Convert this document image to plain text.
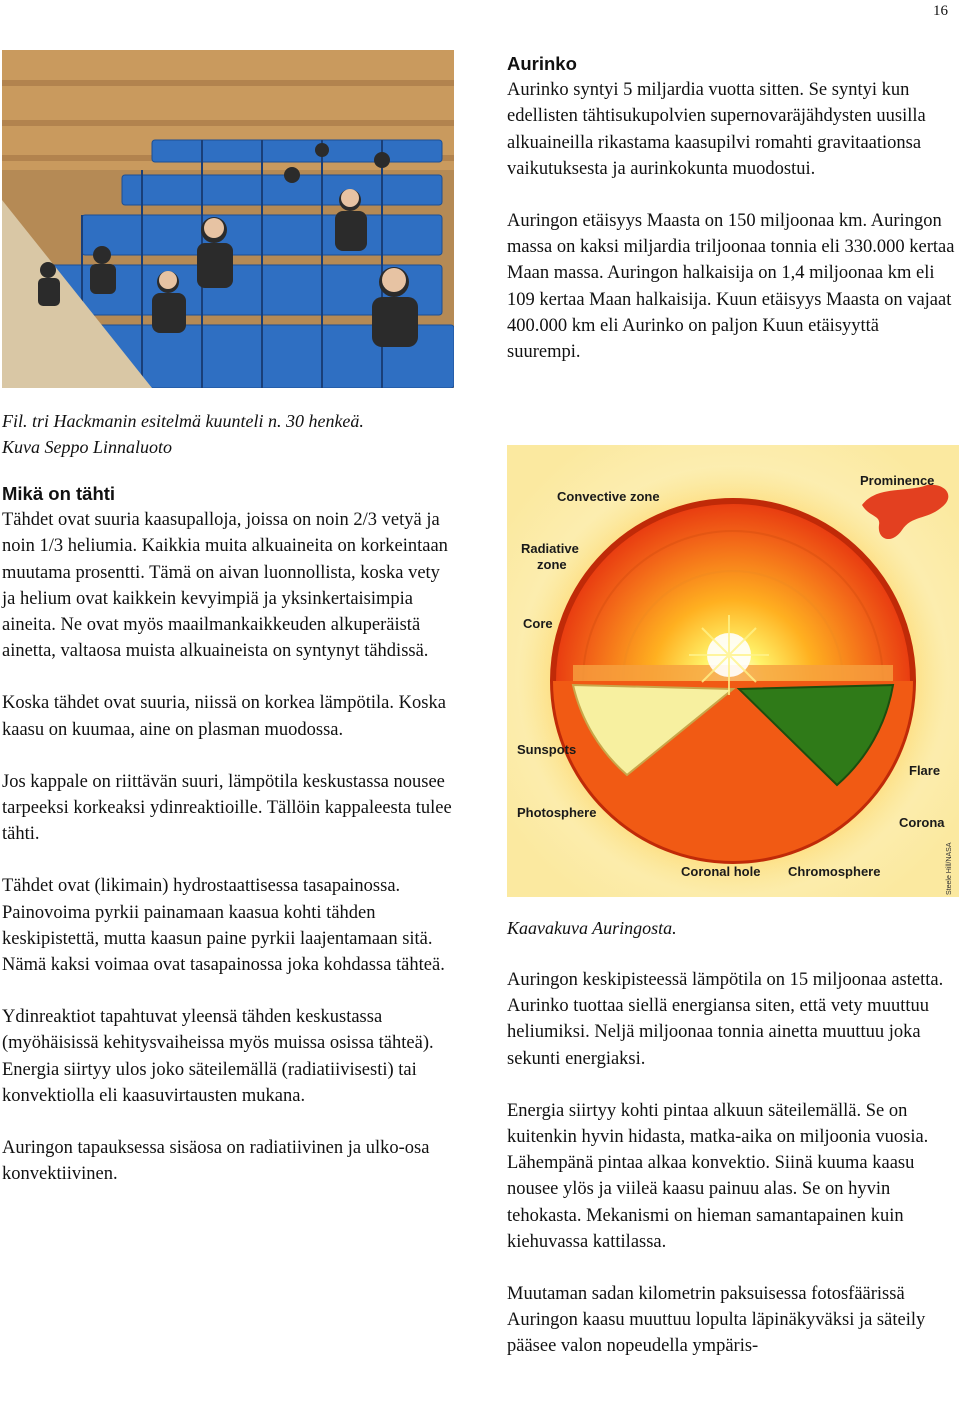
16

Fil. tri Hackmanin esitelmä kuunteli n. 30 henkeä.

Kuva Seppo Linnaluoto

Mikä on tähti

Tähdet ovat suuria kaasupalloja, joissa on noin 2/3 vetyä ja noin 1/3 heliumia. Kaikkia muita alkuaineita on korkeintaan muutama prosentti. Tämä on aivan luonnollista, koska vety ja helium ovat kaikkein kevyimpiä ja yksinkertaisimpia aineita. Ne ovat myös maailmankaikkeuden alkuperäistä ainetta, valtaosa muista alkuaineista on syntynyt tähdissä.

Koska tähdet ovat suuria, niissä on korkea lämpötila. Koska kaasu on kuumaa, aine on plasman muodossa.

Jos kappale on riittävän suuri, lämpötila keskustassa nousee tarpeeksi korkeaksi ydinreaktioille. Tällöin kappaleesta tulee tähti.

Tähdet ovat (likimain) hydrostaattisessa tasapainossa. Painovoima pyrkii painamaan kaasua kohti tähden keskipistettä, mutta kaasun paine pyrkii laajentamaan sitä. Nämä kaksi voimaa ovat tasapainossa joka kohdassa tähteä.

Ydinreaktiot tapahtuvat yleensä tähden keskustassa (myöhäisissä kehitysvaiheissa myös muissa osissa tähteä). Energia siirtyy ulos joko säteilemällä (radiatiivisesti) tai konvektiolla eli kaasuvirtausten mukana.

Auringon tapauksessa sisäosa on radiatiivinen ja ulko-osa konvektiivinen.

Aurinko

Aurinko syntyi 5 miljardia vuotta sitten. Se syntyi kun edellisten tähtisukupolvien supernovaräjähdysten uusilla alkuaineilla rikastama kaasupilvi romahti gravitaationsa vaikutuksesta ja aurinkokunta muodostui.

Auringon etäisyys Maasta on 150 miljoonaa km. Auringon massa on kaksi miljardia triljoonaa tonnia eli 330.000 kertaa Maan massa. Auringon halkaisija on 1,4 miljoonaa km eli 109 kertaa Maan halkaisija. Kuun etäisyys Maasta on vajaat 400.000 km eli Aurinko on paljon Kuun etäisyyttä suurempi.

Convective zone
Prominence
Radiative
zone
Core
Sunspots
Flare
Photosphere
Corona
Coronal hole Chromosphere	Steele Hill/NASA

Kaavakuva Auringosta.

Auringon keskipisteessä lämpötila on 15 miljoonaa astetta. Aurinko tuottaa siellä energiansa siten, että vety muuttuu heliumiksi. Neljä miljoonaa tonnia ainetta muuttuu joka sekunti energiaksi.

Energia siirtyy kohti pintaa alkuun säteilemällä. Se on kuitenkin hyvin hidasta, matka-aika on miljoonia vuosia. Lähempänä pintaa alkaa konvektio. Siinä kuuma kaasu nousee ylös ja viileä kaasu painuu alas. Se on hyvin tehokasta. Mekanismi on hieman samantapainen kuin kiehuvassa kattilassa.

Muutaman sadan kilometrin paksuisessa fotosfäärissä Auringon kaasu muuttuu lopulta läpinäkyväksi ja säteily pääsee valon nopeudella ympäris-
